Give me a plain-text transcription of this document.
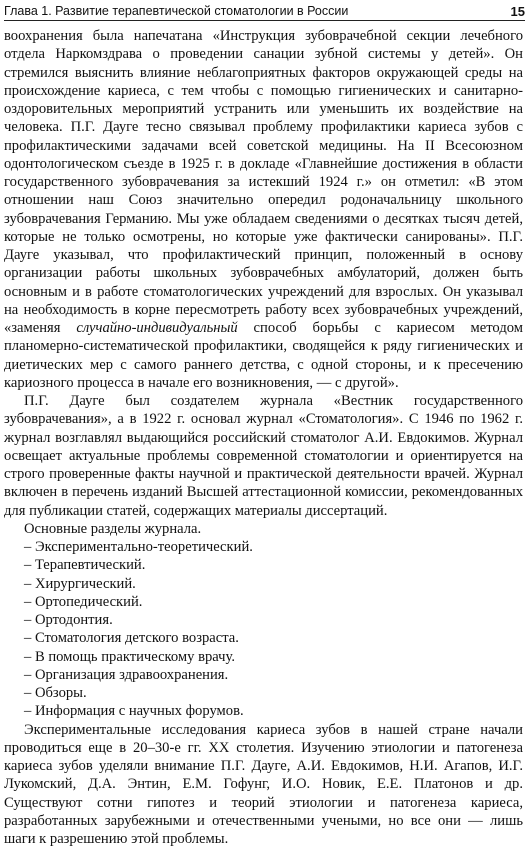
Глава 1. Развитие терапевтической стоматологии в России	15

воохранения была напечатана «Инструкция зубоврачебной секции лечебного отдела Наркомздрава о проведении санации зубной системы у детей». Он стремился выяснить влияние неблагоприятных факторов окружающей среды на происхождение кариеса, с тем чтобы с помощью гигиенических и санитарно-оздоровительных мероприятий устранить или уменьшить их воздействие на человека. П.Г. Дауге тесно связывал проблему профилактики кариеса зубов с профилактическими задачами всей советской медицины. На II Всесоюзном одонтологическом съезде в 1925 г. в докладе «Главнейшие достижения в области государственного зубоврачевания за истекший 1924 г.» он отметил: «В этом отношении наш Союз значительно опередил родоначальницу школьного зубоврачевания Германию. Мы уже обладаем сведениями о десятках тысяч детей, которые не только осмотрены, но которые уже фактически санированы». П.Г. Дауге указывал, что профилактический принцип, положенный в основу организации работы школьных зубоврачебных амбулаторий, должен быть основным и в работе стоматологических учреждений для взрослых. Он указывал на необходимость в корне пересмотреть работу всех зубоврачебных учреждений, «заменяя случайно-индивидуальный способ борьбы с кариесом методом планомерно-систематической профилактики, сводящейся к ряду гигиенических и диетических мер с самого раннего детства, с одной стороны, и к пресечению кариозного процесса в начале его возникновения, — с другой».

П.Г. Дауге был создателем журнала «Вестник государственного зубоврачевания», а в 1922 г. основал журнал «Стоматология». С 1946 по 1962 г. журнал возглавлял выдающийся российский стоматолог А.И. Евдокимов. Журнал освещает актуальные проблемы современной стоматологии и ориентируется на строго проверенные факты научной и практической деятельности врачей. Журнал включен в перечень изданий Высшей аттестационной комиссии, рекомендованных для публикации статей, содержащих материалы диссертаций.

Основные разделы журнала.

– Экспериментально-теоретический.
– Терапевтический.
– Хирургический.
– Ортопедический.
– Ортодонтия.
– Стоматология детского возраста.
– В помощь практическому врачу.
– Организация здравоохранения.
– Обзоры.
– Информация с научных форумов.

Экспериментальные исследования кариеса зубов в нашей стране начали проводиться еще в 20–30-е гг. XX столетия. Изучению этиологии и патогенеза кариеса зубов уделяли внимание П.Г. Дауге, А.И. Евдокимов, Н.И. Агапов, И.Г. Лукомский, Д.А. Энтин, Е.М. Гофунг, И.О. Новик, Е.Е. Платонов и др. Существуют сотни гипотез и теорий этиологии и патогенеза кариеса, разработанных зарубежными и отечественными учеными, но все они — лишь шаги к разрешению этой проблемы.
